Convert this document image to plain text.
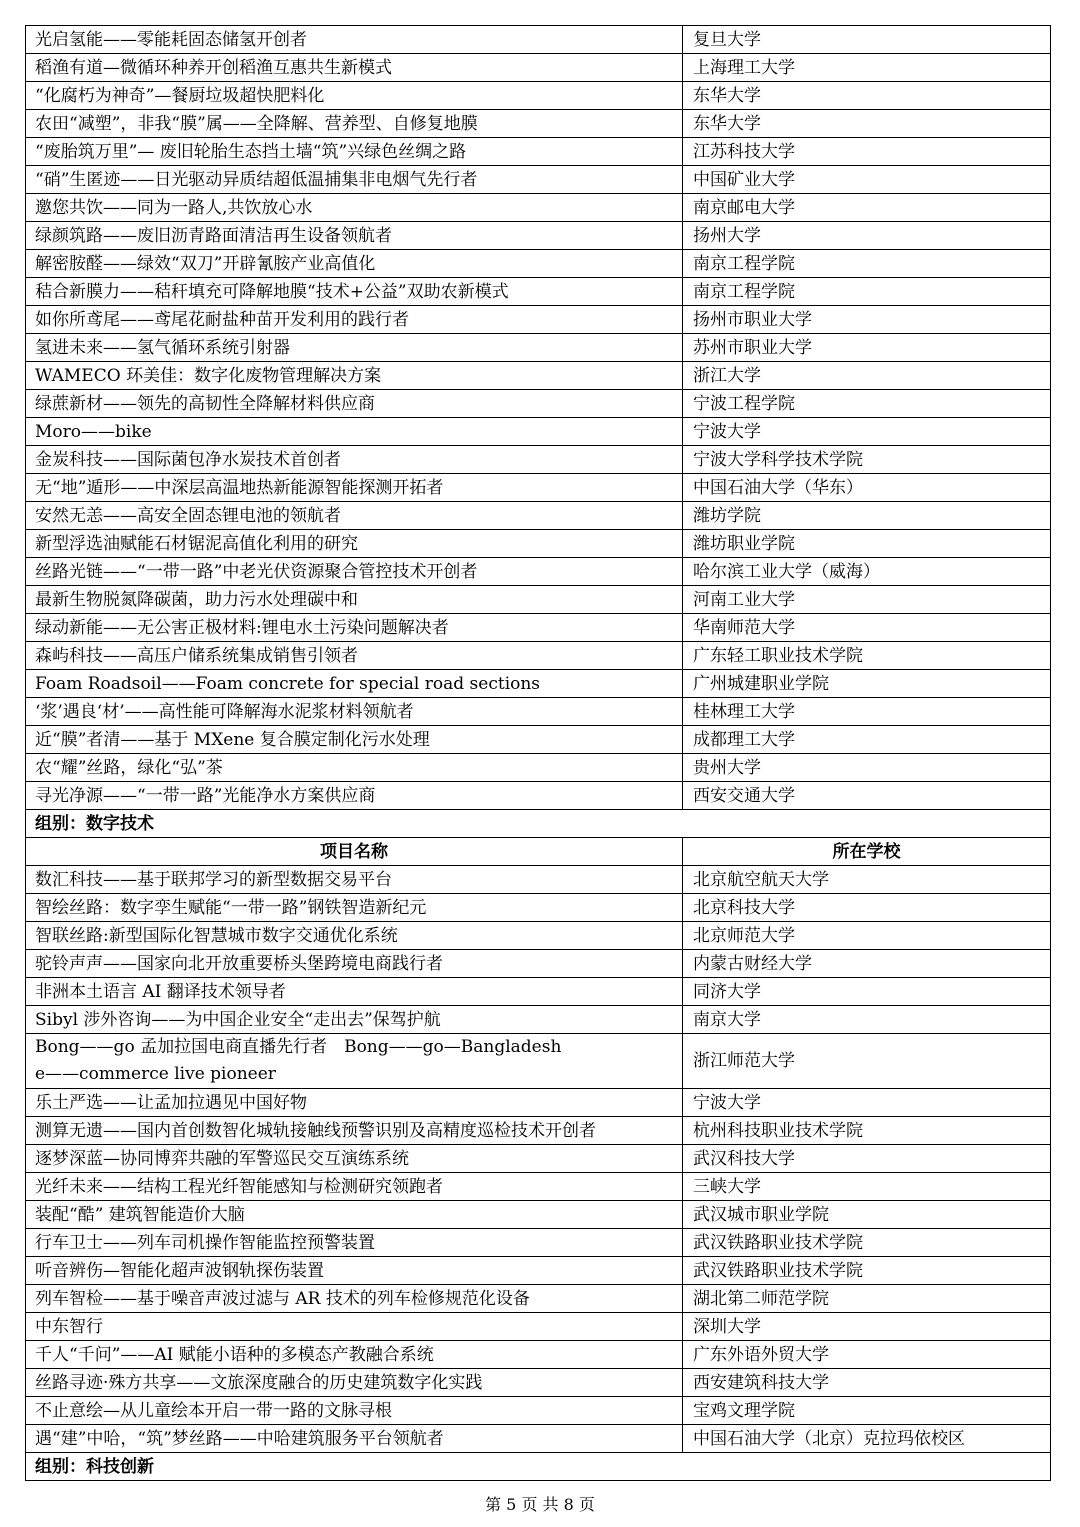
光启氢能——零能耗固态储氢开创者	复旦大学
稻渔有道—微循环种养开创稻渔互惠共生新模式	上海理工大学
“化腐朽为神奇”—餐厨垃圾超快肥料化	东华大学
农田“减塑”，非我“膜”属——全降解、营养型、自修复地膜	东华大学
“废胎筑万里”— 废旧轮胎生态挡土墙“筑”兴绿色丝绸之路	江苏科技大学
“硝”生匿迹——日光驱动异质结超低温捕集非电烟气先行者	中国矿业大学
邀您共饮——同为一路人,共饮放心水	南京邮电大学
绿颜筑路——废旧沥青路面清洁再生设备领航者	扬州大学
解密胺醛——绿效“双刀”开辟氰胺产业高值化	南京工程学院
秸合新膜力——秸秆填充可降解地膜“技术+公益”双助农新模式	南京工程学院
如你所鸢尾——鸢尾花耐盐种苗开发利用的践行者	扬州市职业大学
氢进未来——氢气循环系统引射器	苏州市职业大学
WAMECO 环美佳：数字化废物管理解决方案	浙江大学
绿蔗新材——领先的高韧性全降解材料供应商	宁波工程学院
Moro——bike	宁波大学
金炭科技——国际菌包净水炭技术首创者	宁波大学科学技术学院
无“地”遁形——中深层高温地热新能源智能探测开拓者	中国石油大学（华东）
安然无恙——高安全固态锂电池的领航者	潍坊学院
新型浮选油赋能石材锯泥高值化利用的研究	潍坊职业学院
丝路光链——“一带一路”中老光伏资源聚合管控技术开创者	哈尔滨工业大学（威海）
最新生物脱氮降碳菌，助力污水处理碳中和	河南工业大学
绿动新能——无公害正极材料:锂电水土污染问题解决者	华南师范大学
森屿科技——高压户储系统集成销售引领者	广东轻工职业技术学院
Foam Roadsoil——Foam concrete for special road sections	广州城建职业学院
‘浆’遇良‘材’——高性能可降解海水泥浆材料领航者	桂林理工大学
近“膜”者清——基于 MXene 复合膜定制化污水处理	成都理工大学
农“耀”丝路，绿化“弘”茶	贵州大学
寻光净源——“一带一路”光能净水方案供应商	西安交通大学
组别：数字技术	
项目名称	所在学校
数汇科技——基于联邦学习的新型数据交易平台	北京航空航天大学
智绘丝路：数字孪生赋能“一带一路”钢铁智造新纪元	北京科技大学
智联丝路:新型国际化智慧城市数字交通优化系统	北京师范大学
驼铃声声——国家向北开放重要桥头堡跨境电商践行者	内蒙古财经大学
非洲本土语言 AI 翻译技术领导者	同济大学
Sibyl 涉外咨询——为中国企业安全“走出去”保驾护航	南京大学
Bong——go 孟加拉国电商直播先行者　Bong——go—Bangladesh
e——commerce live pioneer	浙江师范大学
乐土严选——让孟加拉遇见中国好物	宁波大学
测算无遗——国内首创数智化城轨接触线预警识别及高精度巡检技术开创者	杭州科技职业技术学院
逐梦深蓝—协同博弈共融的军警巡民交互演练系统	武汉科技大学
光纤未来——结构工程光纤智能感知与检测研究领跑者	三峡大学
装配“酷” 建筑智能造价大脑	武汉城市职业学院
行车卫士——列车司机操作智能监控预警装置	武汉铁路职业技术学院
听音辨伤—智能化超声波钢轨探伤装置	武汉铁路职业技术学院
列车智检——基于噪音声波过滤与 AR 技术的列车检修规范化设备	湖北第二师范学院
中东智行	深圳大学
千人“千问”——AI 赋能小语种的多模态产教融合系统	广东外语外贸大学
丝路寻迹·殊方共享——文旅深度融合的历史建筑数字化实践	西安建筑科技大学
不止意绘—从儿童绘本开启一带一路的文脉寻根	宝鸡文理学院
遇“建”中哈，“筑”梦丝路——中哈建筑服务平台领航者	中国石油大学（北京）克拉玛依校区
组别：科技创新	
第 5 页 共 8 页
